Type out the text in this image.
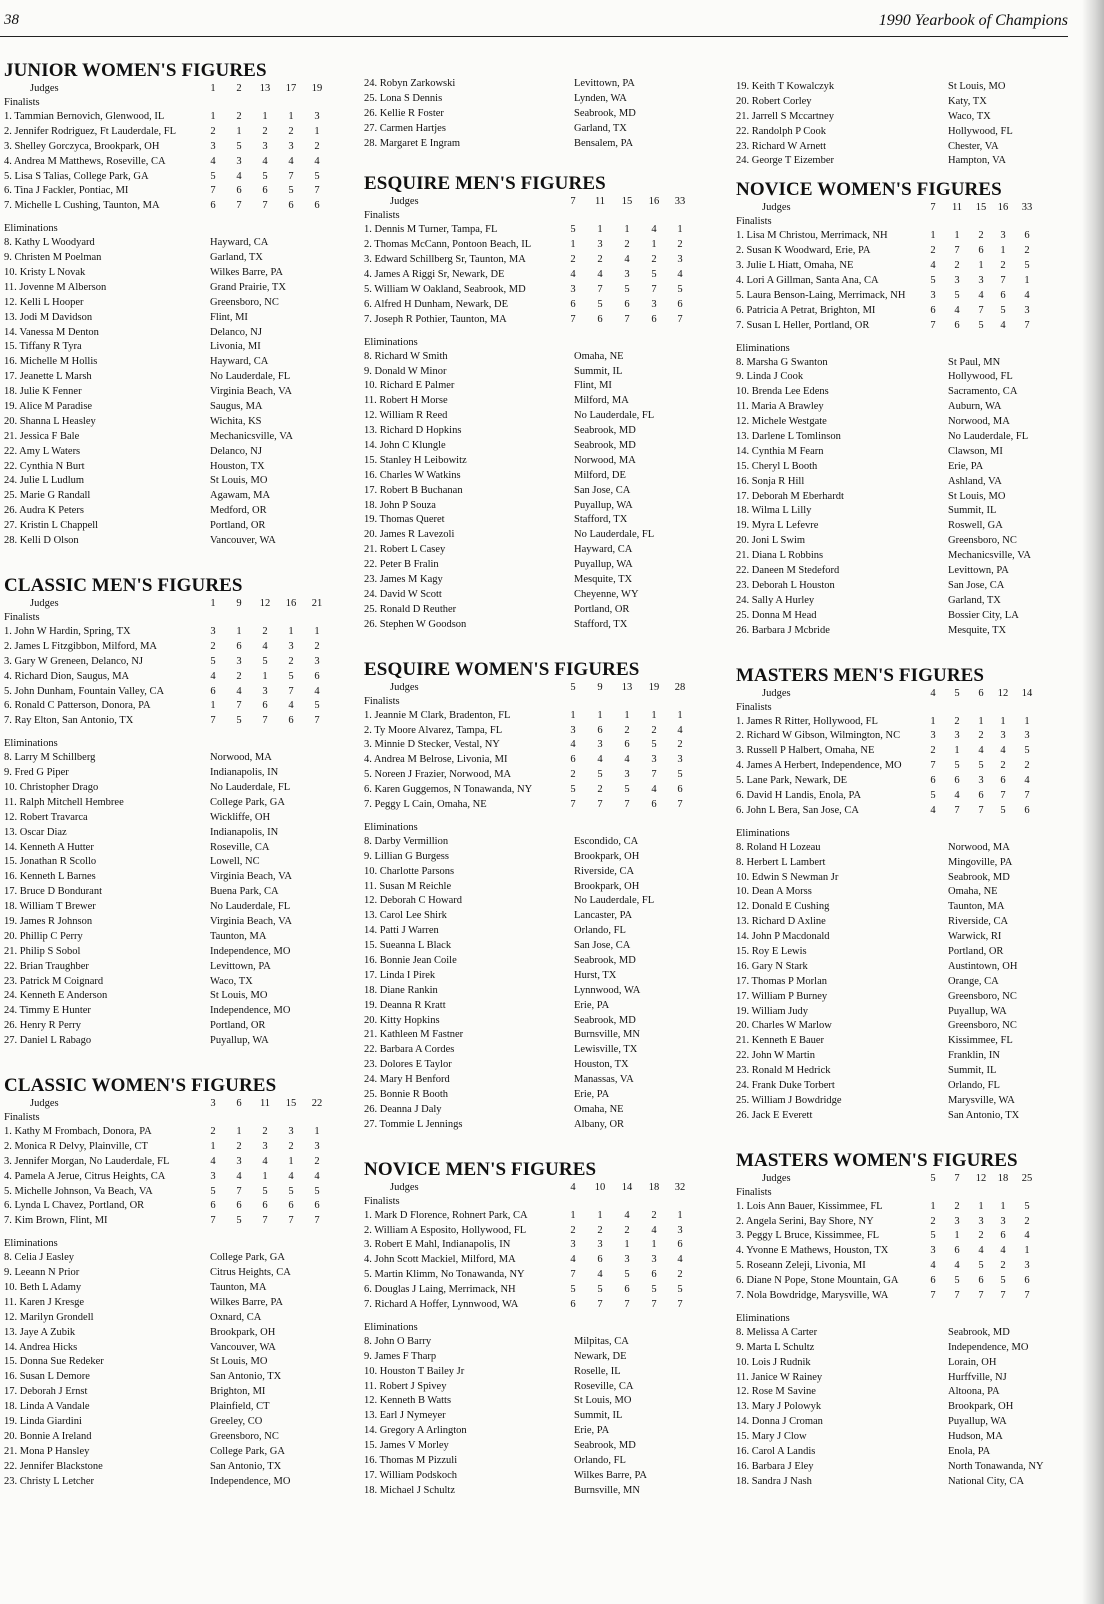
38	1990 Yearbook of Champions
JUNIOR WOMEN'S FIGURES
Judges	1	2	13	17	19
Finalists
1. Tammian Bernovich, Glenwood, IL	1	2	1	1	3
2. Jennifer Rodriguez, Ft Lauderdale, FL	2	1	2	2	1
3. Shelley Gorczyca, Brookpark, OH	3	5	3	3	2
4. Andrea M Matthews, Roseville, CA	4	3	4	4	4
5. Lisa S Talias, College Park, GA	5	4	5	7	5
6. Tina J Fackler, Pontiac, MI	7	6	6	5	7
7. Michelle L Cushing, Taunton, MA	6	7	7	6	6
Eliminations
8. Kathy L Woodyard	Hayward, CA
9. Christen M Poelman	Garland, TX
10. Kristy L Novak	Wilkes Barre, PA
11. Jovenne M Alberson	Grand Prairie, TX
12. Kelli L Hooper	Greensboro, NC
13. Jodi M Davidson	Flint, MI
14. Vanessa M Denton	Delanco, NJ
15. Tiffany R Tyra	Livonia, MI
16. Michelle M Hollis	Hayward, CA
17. Jeanette L Marsh	No Lauderdale, FL
18. Julie K Fenner	Virginia Beach, VA
19. Alice M Paradise	Saugus, MA
20. Shanna L Heasley	Wichita, KS
21. Jessica F Bale	Mechanicsville, VA
22. Amy L Waters	Delanco, NJ
22. Cynthia N Burt	Houston, TX
24. Julie L Ludlum	St Louis, MO
25. Marie G Randall	Agawam, MA
26. Audra K Peters	Medford, OR
27. Kristin L Chappell	Portland, OR
28. Kelli D Olson	Vancouver, WA
CLASSIC MEN'S FIGURES
Judges	1	9	12	16	21
Finalists
1. John W Hardin, Spring, TX	3	1	2	1	1
2. James L Fitzgibbon, Milford, MA	2	6	4	3	2
3. Gary W Greneen, Delanco, NJ	5	3	5	2	3
4. Richard Dion, Saugus, MA	4	2	1	5	6
5. John Dunham, Fountain Valley, CA	6	4	3	7	4
6. Ronald C Patterson, Donora, PA	1	7	6	4	5
7. Ray Elton, San Antonio, TX	7	5	7	6	7
Eliminations
8. Larry M Schillberg	Norwood, MA
9. Fred G Piper	Indianapolis, IN
10. Christopher Drago	No Lauderdale, FL
11. Ralph Mitchell Hembree	College Park, GA
12. Robert Travarca	Wickliffe, OH
13. Oscar Diaz	Indianapolis, IN
14. Kenneth A Hutter	Roseville, CA
15. Jonathan R Scollo	Lowell, NC
16. Kenneth L Barnes	Virginia Beach, VA
17. Bruce D Bondurant	Buena Park, CA
18. William T Brewer	No Lauderdale, FL
19. James R Johnson	Virginia Beach, VA
20. Phillip C Perry	Taunton, MA
21. Philip S Sobol	Independence, MO
22. Brian Traughber	Levittown, PA
23. Patrick M Coignard	Waco, TX
24. Kenneth E Anderson	St Louis, MO
24. Timmy E Hunter	Independence, MO
26. Henry R Perry	Portland, OR
27. Daniel L Rabago	Puyallup, WA
CLASSIC WOMEN'S FIGURES
Judges	3	6	11	15	22
Finalists
1. Kathy M Frombach, Donora, PA	2	1	2	3	1
2. Monica R Delvy, Plainville, CT	1	2	3	2	3
3. Jennifer Morgan, No Lauderdale, FL	4	3	4	1	2
4. Pamela A Jerue, Citrus Heights, CA	3	4	1	4	4
5. Michelle Johnson, Va Beach, VA	5	7	5	5	5
6. Lynda L Chavez, Portland, OR	6	6	6	6	6
7. Kim Brown, Flint, MI	7	5	7	7	7
Eliminations
8. Celia J Easley	College Park, GA
9. Leeann N Prior	Citrus Heights, CA
10. Beth L Adamy	Taunton, MA
11. Karen J Kresge	Wilkes Barre, PA
12. Marilyn Grondell	Oxnard, CA
13. Jaye A Zubik	Brookpark, OH
14. Andrea Hicks	Vancouver, WA
15. Donna Sue Redeker	St Louis, MO
16. Susan L Demore	San Antonio, TX
17. Deborah J Ernst	Brighton, MI
18. Linda A Vandale	Plainfield, CT
19. Linda Giardini	Greeley, CO
20. Bonnie A Ireland	Greensboro, NC
21. Mona P Hansley	College Park, GA
22. Jennifer Blackstone	San Antonio, TX
23. Christy L Letcher	Independence, MO
24. Robyn Zarkowski	Levittown, PA
25. Lona S Dennis	Lynden, WA
26. Kellie R Foster	Seabrook, MD
27. Carmen Hartjes	Garland, TX
28. Margaret E Ingram	Bensalem, PA
ESQUIRE MEN'S FIGURES
Judges	7	11	15	16	33
Finalists
1. Dennis M Turner, Tampa, FL	5	1	1	4	1
2. Thomas McCann, Pontoon Beach, IL	1	3	2	1	2
3. Edward Schillberg Sr, Taunton, MA	2	2	4	2	3
4. James A Riggi Sr, Newark, DE	4	4	3	5	4
5. William W Oakland, Seabrook, MD	3	7	5	7	5
6. Alfred H Dunham, Newark, DE	6	5	6	3	6
7. Joseph R Pothier, Taunton, MA	7	6	7	6	7
Eliminations
8. Richard W Smith	Omaha, NE
9. Donald W Minor	Summit, IL
10. Richard E Palmer	Flint, MI
11. Robert H Morse	Milford, MA
12. William R Reed	No Lauderdale, FL
13. Richard D Hopkins	Seabrook, MD
14. John C Klungle	Seabrook, MD
15. Stanley H Leibowitz	Norwood, MA
16. Charles W Watkins	Milford, DE
17. Robert B Buchanan	San Jose, CA
18. John P Souza	Puyallup, WA
19. Thomas Queret	Stafford, TX
20. James R Lavezoli	No Lauderdale, FL
21. Robert L Casey	Hayward, CA
22. Peter B Fralin	Puyallup, WA
23. James M Kagy	Mesquite, TX
24. David W Scott	Cheyenne, WY
25. Ronald D Reuther	Portland, OR
26. Stephen W Goodson	Stafford, TX
ESQUIRE WOMEN'S FIGURES
Judges	5	9	13	19	28
Finalists
1. Jeannie M Clark, Bradenton, FL	1	1	1	1	1
2. Ty Moore Alvarez, Tampa, FL	3	6	2	2	4
3. Minnie D Stecker, Vestal, NY	4	3	6	5	2
4. Andrea M Belrose, Livonia, MI	6	4	4	3	3
5. Noreen J Frazier, Norwood, MA	2	5	3	7	5
6. Karen Guggemos, N Tonawanda, NY	5	2	5	4	6
7. Peggy L Cain, Omaha, NE	7	7	7	6	7
Eliminations
8. Darby Vermillion	Escondido, CA
9. Lillian G Burgess	Brookpark, OH
10. Charlotte Parsons	Riverside, CA
11. Susan M Reichle	Brookpark, OH
12. Deborah C Howard	No Lauderdale, FL
13. Carol Lee Shirk	Lancaster, PA
14. Patti J Warren	Orlando, FL
15. Sueanna L Black	San Jose, CA
16. Bonnie Jean Coile	Seabrook, MD
17. Linda I Pirek	Hurst, TX
18. Diane Rankin	Lynnwood, WA
19. Deanna R Kratt	Erie, PA
20. Kitty Hopkins	Seabrook, MD
21. Kathleen M Fastner	Burnsville, MN
22. Barbara A Cordes	Lewisville, TX
23. Dolores E Taylor	Houston, TX
24. Mary H Benford	Manassas, VA
25. Bonnie R Booth	Erie, PA
26. Deanna J Daly	Omaha, NE
27. Tommie L Jennings	Albany, OR
NOVICE MEN'S FIGURES
Judges	4	10	14	18	32
Finalists
1. Mark D Florence, Rohnert Park, CA	1	1	4	2	1
2. William A Esposito, Hollywood, FL	2	2	2	4	3
3. Robert E Mahl, Indianapolis, IN	3	3	1	1	6
4. John Scott Mackiel, Milford, MA	4	6	3	3	4
5. Martin Klimm, No Tonawanda, NY	7	4	5	6	2
6. Douglas J Laing, Merrimack, NH	5	5	6	5	5
7. Richard A Hoffer, Lynnwood, WA	6	7	7	7	7
Eliminations
8. John O Barry	Milpitas, CA
9. James F Tharp	Newark, DE
10. Houston T Bailey Jr	Roselle, IL
11. Robert J Spivey	Roseville, CA
12. Kenneth B Watts	St Louis, MO
13. Earl J Nymeyer	Summit, IL
14. Gregory A Arlington	Erie, PA
15. James V Morley	Seabrook, MD
16. Thomas M Pizzuli	Orlando, FL
17. William Podskoch	Wilkes Barre, PA
18. Michael J Schultz	Burnsville, MN
19. Keith T Kowalczyk	St Louis, MO
20. Robert Corley	Katy, TX
21. Jarrell S Mccartney	Waco, TX
22. Randolph P Cook	Hollywood, FL
23. Richard W Arnett	Chester, VA
24. George T Eizember	Hampton, VA
NOVICE WOMEN'S FIGURES
Judges	7	11	15	16	33
Finalists
1. Lisa M Christou, Merrimack, NH	1	1	2	3	6
2. Susan K Woodward, Erie, PA	2	7	6	1	2
3. Julie L Hiatt, Omaha, NE	4	2	1	2	5
4. Lori A Gillman, Santa Ana, CA	5	3	3	7	1
5. Laura Benson-Laing, Merrimack, NH	3	5	4	6	4
6. Patricia A Petrat, Brighton, MI	6	4	7	5	3
7. Susan L Heller, Portland, OR	7	6	5	4	7
Eliminations
8. Marsha G Swanton	St Paul, MN
9. Linda J Cook	Hollywood, FL
10. Brenda Lee Edens	Sacramento, CA
11. Maria A Brawley	Auburn, WA
12. Michele Westgate	Norwood, MA
13. Darlene L Tomlinson	No Lauderdale, FL
14. Cynthia M Fearn	Clawson, MI
15. Cheryl L Booth	Erie, PA
16. Sonja R Hill	Ashland, VA
17. Deborah M Eberhardt	St Louis, MO
18. Wilma L Lilly	Summit, IL
19. Myra L Lefevre	Roswell, GA
20. Joni L Swim	Greensboro, NC
21. Diana L Robbins	Mechanicsville, VA
22. Daneen M Stedeford	Levittown, PA
23. Deborah L Houston	San Jose, CA
24. Sally A Hurley	Garland, TX
25. Donna M Head	Bossier City, LA
26. Barbara J Mcbride	Mesquite, TX
MASTERS MEN'S FIGURES
Judges	4	5	6	12	14
Finalists
1. James R Ritter, Hollywood, FL	1	2	1	1	1
2. Richard W Gibson, Wilmington, NC	3	3	2	3	3
3. Russell P Halbert, Omaha, NE	2	1	4	4	5
4. James A Herbert, Independence, MO	7	5	5	2	2
5. Lane Park, Newark, DE	6	6	3	6	4
6. David H Landis, Enola, PA	5	4	6	7	7
6. John L Bera, San Jose, CA	4	7	7	5	6
Eliminations
8. Roland H Lozeau	Norwood, MA
8. Herbert L Lambert	Mingoville, PA
10. Edwin S Newman Jr	Seabrook, MD
10. Dean A Morss	Omaha, NE
12. Donald E Cushing	Taunton, MA
13. Richard D Axline	Riverside, CA
14. John P Macdonald	Warwick, RI
15. Roy E Lewis	Portland, OR
16. Gary N Stark	Austintown, OH
17. Thomas P Morlan	Orange, CA
17. William P Burney	Greensboro, NC
19. William Judy	Puyallup, WA
20. Charles W Marlow	Greensboro, NC
21. Kenneth E Bauer	Kissimmee, FL
22. John W Martin	Franklin, IN
23. Ronald M Hedrick	Summit, IL
24. Frank Duke Torbert	Orlando, FL
25. William J Bowdridge	Marysville, WA
26. Jack E Everett	San Antonio, TX
MASTERS WOMEN'S FIGURES
Judges	5	7	12	18	25
Finalists
1. Lois Ann Bauer, Kissimmee, FL	1	2	1	1	5
2. Angela Serini, Bay Shore, NY	2	3	3	3	2
3. Peggy L Bruce, Kissimmee, FL	5	1	2	6	4
4. Yvonne E Mathews, Houston, TX	3	6	4	4	1
5. Roseann Zeleji, Livonia, MI	4	4	5	2	3
6. Diane N Pope, Stone Mountain, GA	6	5	6	5	6
7. Nola Bowdridge, Marysville, WA	7	7	7	7	7
Eliminations
8. Melissa A Carter	Seabrook, MD
9. Marta L Schultz	Independence, MO
10. Lois J Rudnik	Lorain, OH
11. Janice W Rainey	Hurffville, NJ
12. Rose M Savine	Altoona, PA
13. Mary J Polowyk	Brookpark, OH
14. Donna J Croman	Puyallup, WA
15. Mary J Clow	Hudson, MA
16. Carol A Landis	Enola, PA
16. Barbara J Eley	North Tonawanda, NY
18. Sandra J Nash	National City, CA
